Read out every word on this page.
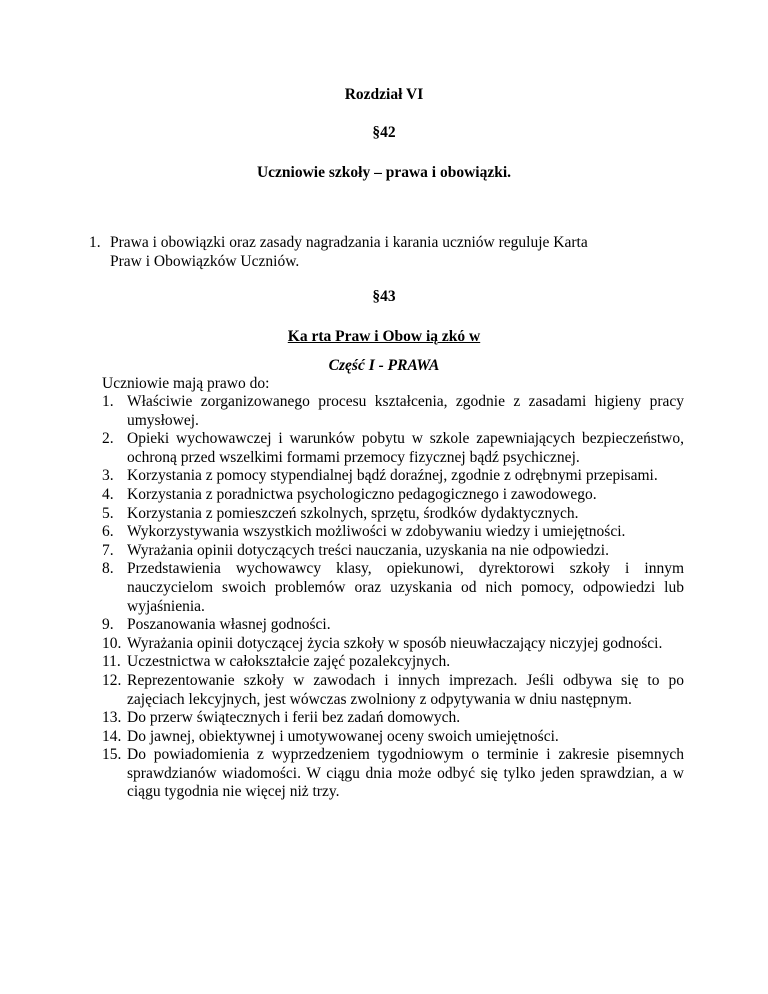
Rozdział VI
§42
Uczniowie szkoły – prawa i obowiązki.
1. Prawa i obowiązki oraz zasady nagradzania i karania uczniów reguluje Karta
Praw i Obowiązków Uczniów.
§43
Ka rta Praw i Obow ią zkó w
Część I - PRAWA
Uczniowie mają prawo do:
1. Właściwie zorganizowanego procesu kształcenia, zgodnie z zasadami higieny pracy umysłowej.
2. Opieki wychowawczej i warunków pobytu w szkole zapewniających bezpieczeństwo, ochroną przed wszelkimi formami przemocy fizycznej bądź psychicznej.
3. Korzystania z pomocy stypendialnej bądź doraźnej, zgodnie z odrębnymi przepisami.
4. Korzystania z poradnictwa psychologiczno pedagogicznego i zawodowego.
5. Korzystania z pomieszczeń szkolnych, sprzętu, środków dydaktycznych.
6. Wykorzystywania wszystkich możliwości w zdobywaniu wiedzy i umiejętności.
7. Wyrażania opinii dotyczących treści nauczania, uzyskania na nie odpowiedzi.
8. Przedstawienia wychowawcy klasy, opiekunowi, dyrektorowi szkoły i innym nauczycielom swoich problemów oraz uzyskania od nich pomocy, odpowiedzi lub wyjaśnienia.
9. Poszanowania własnej godności.
10. Wyrażania opinii dotyczącej życia szkoły w sposób nieuwłaczający niczyjej godności.
11. Uczestnictwa w całokształcie zajęć pozalekcyjnych.
12. Reprezentowanie szkoły w zawodach i innych imprezach. Jeśli odbywa się to po zajęciach lekcyjnych, jest wówczas zwolniony z odpytywania w dniu następnym.
13. Do przerw świątecznych i ferii bez zadań domowych.
14. Do jawnej, obiektywnej i umotywowanej oceny swoich umiejętności.
15. Do powiadomienia z wyprzedzeniem tygodniowym o terminie i zakresie pisemnych sprawdzianów wiadomości. W ciągu dnia może odbyć się tylko jeden sprawdzian, a w ciągu tygodnia nie więcej niż trzy.
